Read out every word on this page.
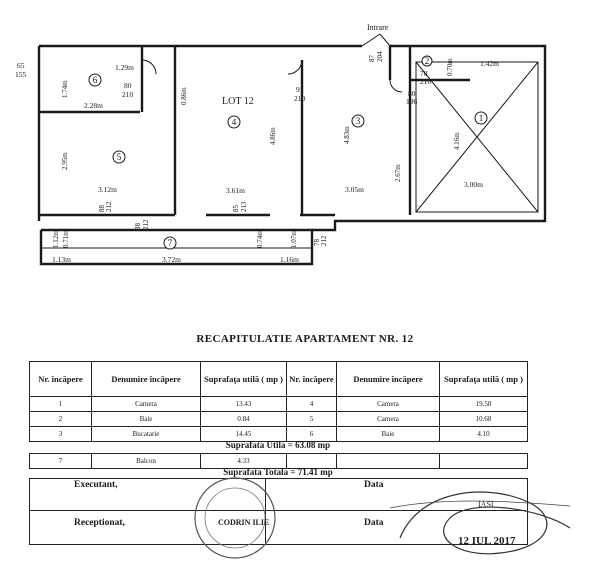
Intrare
LOT 12
65
155
1
2
3
4
5
6
7
3.00m
4.16m
1.42m
0.70m
3.05m
4.83m
3.61m
4.86m
3.12m
2.95m
1.74m
1.29m
2.28m
3.72m
1.13m	1.16m
1.12m 0.71m	1.07m
0.74m
0.86m
2.67m
87 204
70
210
80
196
80
210
91
210
88 212
88 212
85 213
78 212
RECAPITULATIE APARTAMENT NR. 12
Nr. încăpere	Denumire încăpere	Suprafaţa utilă ( mp )	Nr. încăpere	Denumire încăpere	Suprafaţa utilă ( mp )
1	Camera	13.43	4	Camera	19.58
2	Baie	0.84	5	Camera	10.68
3	Bucatarie	14.45	6	Baie	4.10
Suprafata Utila = 63.08 mp
7	Balcon	4.33			
Suprafata Totala = 71.41 mp
Executant,	Data
Receptionat,	Data
CODRIN ILIE
IASI
12 IUL 2017
